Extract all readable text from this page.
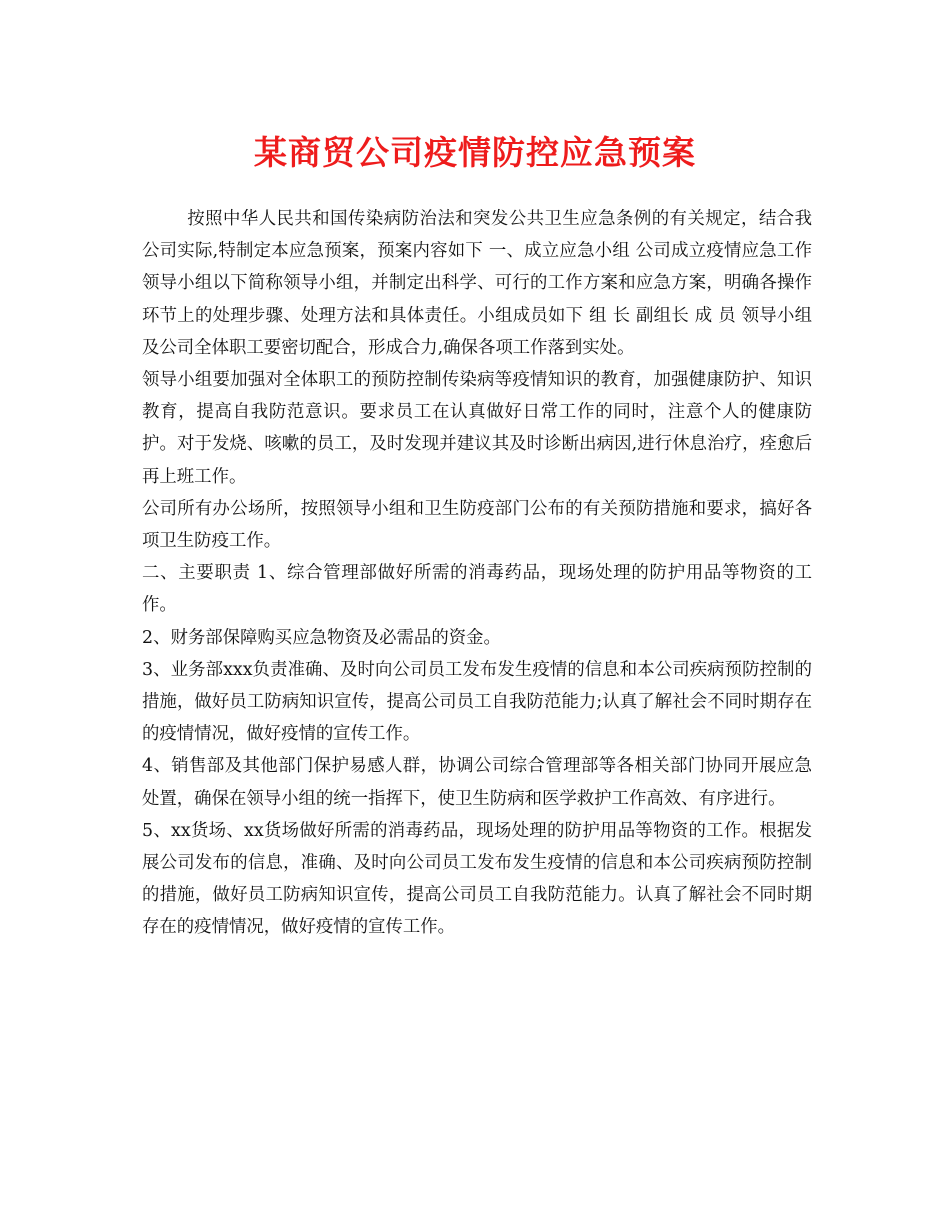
某商贸公司疫情防控应急预案

按照中华人民共和国传染病防治法和突发公共卫生应急条例的有关规定，结合我公司实际,特制定本应急预案，预案内容如下 一、成立应急小组 公司成立疫情应急工作领导小组以下简称领导小组，并制定出科学、可行的工作方案和应急方案，明确各操作环节上的处理步骤、处理方法和具体责任。小组成员如下 组 长 副组长 成 员 领导小组及公司全体职工要密切配合，形成合力,确保各项工作落到实处。

领导小组要加强对全体职工的预防控制传染病等疫情知识的教育，加强健康防护、知识教育，提高自我防范意识。要求员工在认真做好日常工作的同时，注意个人的健康防护。对于发烧、咳嗽的员工，及时发现并建议其及时诊断出病因,进行休息治疗，痊愈后再上班工作。

公司所有办公场所，按照领导小组和卫生防疫部门公布的有关预防措施和要求，搞好各项卫生防疫工作。

二、主要职责 1、综合管理部做好所需的消毒药品，现场处理的防护用品等物资的工作。

2、财务部保障购买应急物资及必需品的资金。

3、业务部xxx负责准确、及时向公司员工发布发生疫情的信息和本公司疾病预防控制的措施，做好员工防病知识宣传，提高公司员工自我防范能力;认真了解社会不同时期存在的疫情情况，做好疫情的宣传工作。

4、销售部及其他部门保护易感人群，协调公司综合管理部等各相关部门协同开展应急处置，确保在领导小组的统一指挥下，使卫生防病和医学救护工作高效、有序进行。

5、xx货场、xx货场做好所需的消毒药品，现场处理的防护用品等物资的工作。根据发展公司发布的信息，准确、及时向公司员工发布发生疫情的信息和本公司疾病预防控制的措施，做好员工防病知识宣传，提高公司员工自我防范能力。认真了解社会不同时期存在的疫情情况，做好疫情的宣传工作。
